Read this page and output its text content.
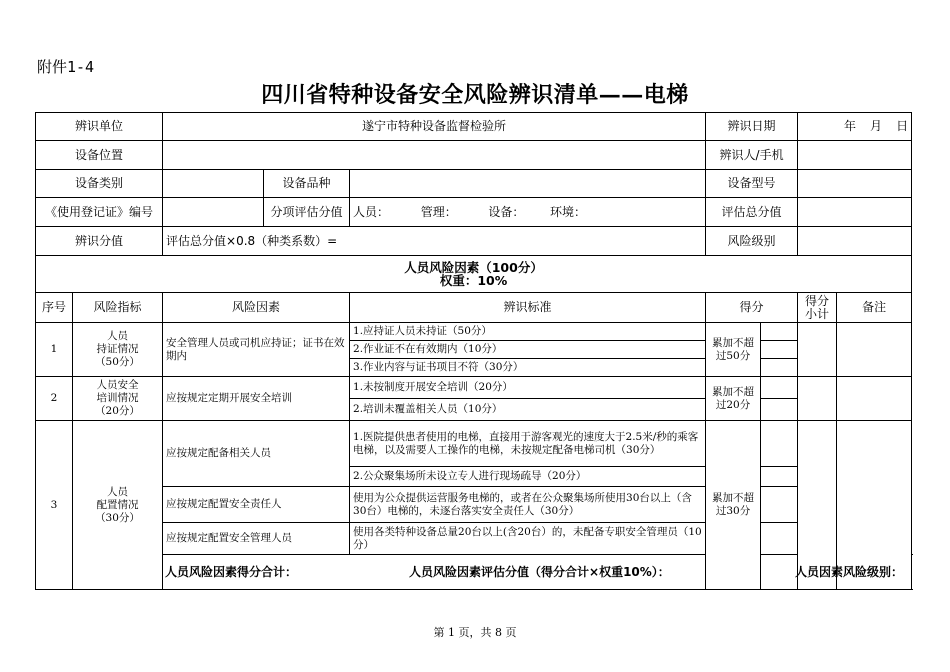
附件1-4
四川省特种设备安全风险辨识清单——电梯
辨识单位		遂宁市特种设备监督检验所			辨识日期		年 月 日	

设备位置					辨识人/手机			
设备类别			设备品种		设备型号			
《使用登记证》编号			分项评估分值	人员： 管理： 设备： 环境：	评估总分值			
辨识分值		评估总分值×0.8（种类系数）=			风险级别			

人员风险因素（100分）
权重：10%								

序号	风险指标	风险因素		辨识标准	得分		得分小计	备注
1	人员
持证情况
（50分）	安全管理人员或司机应持证；证书在效期内		1.应持证人员未持证（50分）	累加不超过50分			
				2.作业证不在有效期内（10分）				
				3.作业内容与证书项目不符（30分）				
2	人员安全
培训情况
（20分）	应按规定定期开展安全培训		1.未按制度开展安全培训（20分）	累加不超过20分			
				2.培训未覆盖相关人员（10分）				
3	人员
配置情况
（30分）	应按规定配备相关人员		1.医院提供患者使用的电梯，直接用于游客观光的速度大于2.5米/秒的乘客电梯，以及需要人工操作的电梯，未按规定配备电梯司机（30分）	累加不超过30分			
				2.公众聚集场所未设立专人进行现场疏导（20分）				
		应按规定配置安全责任人		使用为公众提供运营服务电梯的，或者在公众聚集场所使用30台以上（含30台）电梯的，未逐台落实安全责任人（30分）				
		应按规定配置安全管理人员		使用各类特种设备总量20台以上(含20台）的，未配备专职安全管理员（10分）				

		人员风险因素得分合计： 人员风险因素评估分值（得分合计×权重10%）： 人员因素风险级别：						
第 1 页，共 8 页
